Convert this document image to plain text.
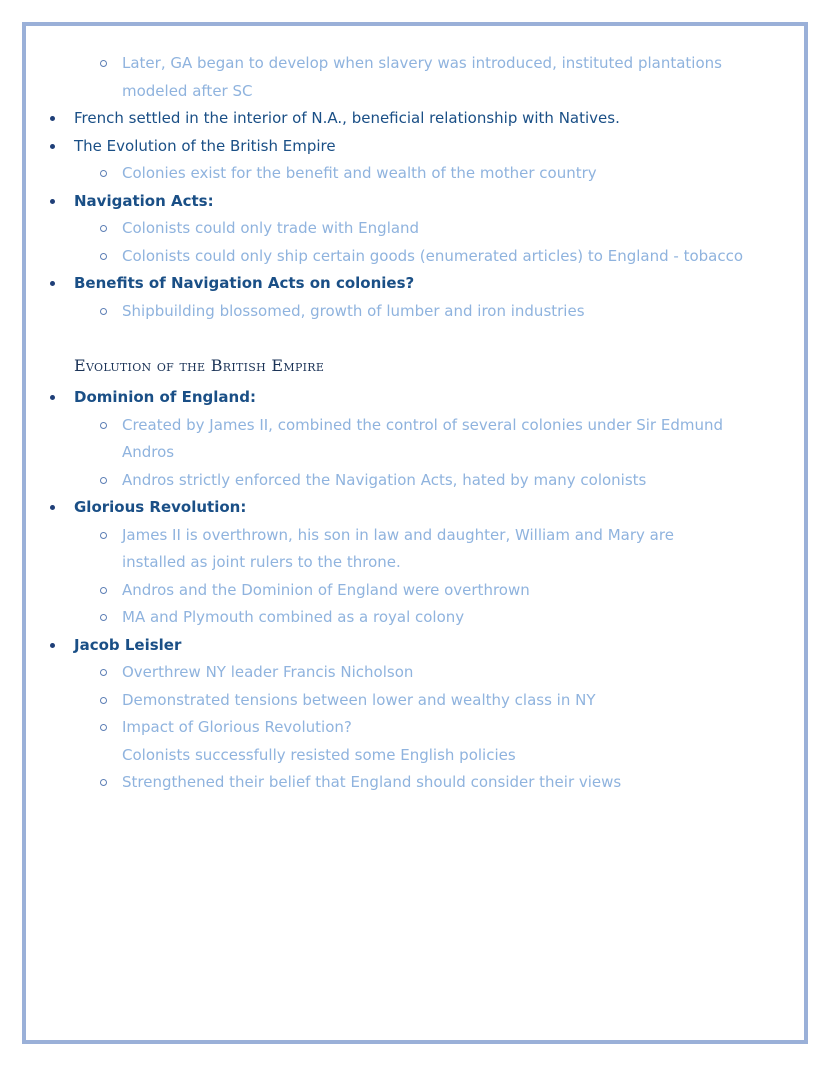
Later, GA began to develop when slavery was introduced, instituted plantations
modeled after SC
French settled in the interior of N.A., beneficial relationship with Natives.
The Evolution of the British Empire
Colonies exist for the benefit and wealth of the mother country
Navigation Acts:
Colonists could only trade with England
Colonists could only ship certain goods (enumerated articles) to England - tobacco
Benefits of Navigation Acts on colonies?
Shipbuilding blossomed, growth of lumber and iron industries
Evolution of the British Empire
Dominion of England:
Created by James II, combined the control of several colonies under Sir Edmund
Andros
Andros strictly enforced the Navigation Acts, hated by many colonists
Glorious Revolution:
James II is overthrown, his son in law and daughter, William and Mary are
installed as joint rulers to the throne.
Andros and the Dominion of England were overthrown
MA and Plymouth combined as a royal colony
Jacob Leisler
Overthrew NY leader Francis Nicholson
Demonstrated tensions between lower and wealthy class in NY
Impact of Glorious Revolution?
Colonists successfully resisted some English policies
Strengthened their belief that England should consider their views
